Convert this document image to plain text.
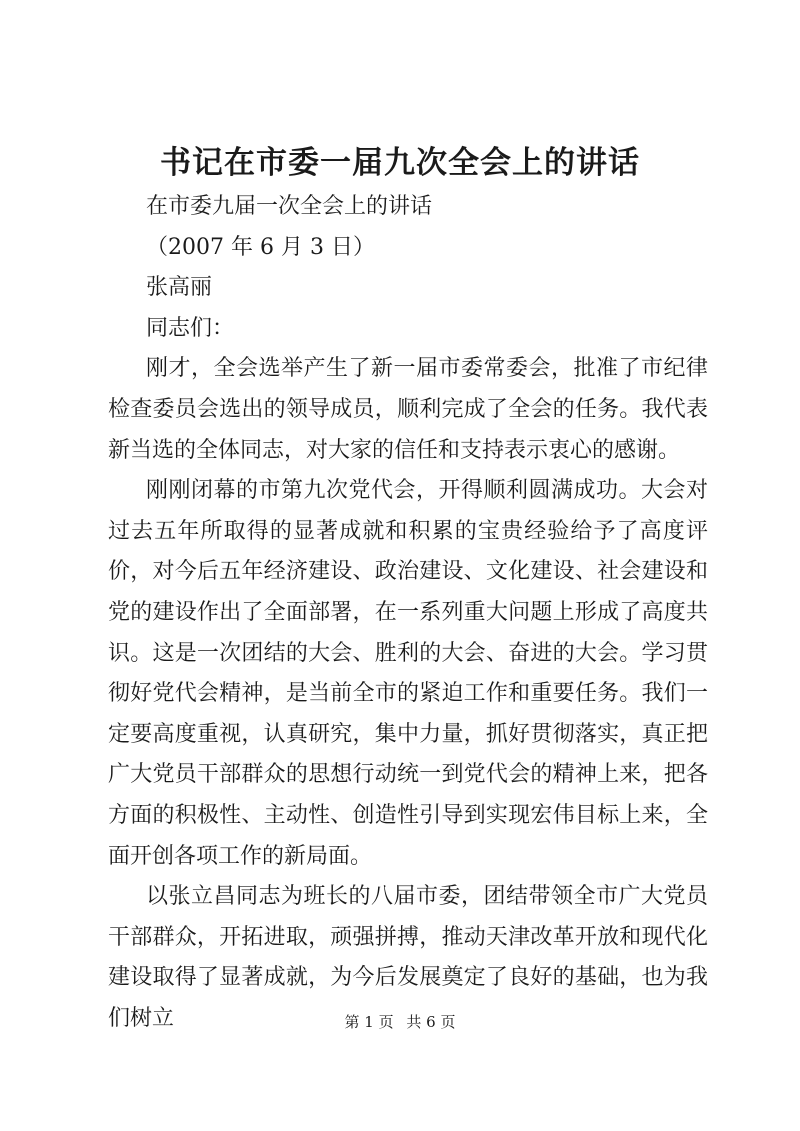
书记在市委一届九次全会上的讲话

在市委九届一次全会上的讲话

（2007 年 6 月 3 日）

张高丽

同志们：

刚才，全会选举产生了新一届市委常委会，批准了市纪律检查委员会选出的领导成员，顺利完成了全会的任务。我代表新当选的全体同志，对大家的信任和支持表示衷心的感谢。

刚刚闭幕的市第九次党代会，开得顺利圆满成功。大会对过去五年所取得的显著成就和积累的宝贵经验给予了高度评价，对今后五年经济建设、政治建设、文化建设、社会建设和党的建设作出了全面部署，在一系列重大问题上形成了高度共识。这是一次团结的大会、胜利的大会、奋进的大会。学习贯彻好党代会精神，是当前全市的紧迫工作和重要任务。我们一定要高度重视，认真研究，集中力量，抓好贯彻落实，真正把广大党员干部群众的思想行动统一到党代会的精神上来，把各方面的积极性、主动性、创造性引导到实现宏伟目标上来，全面开创各项工作的新局面。

以张立昌同志为班长的八届市委，团结带领全市广大党员干部群众，开拓进取，顽强拼搏，推动天津改革开放和现代化建设取得了显著成就，为今后发展奠定了良好的基础，也为我们树立	第 1 页 共 6 页
